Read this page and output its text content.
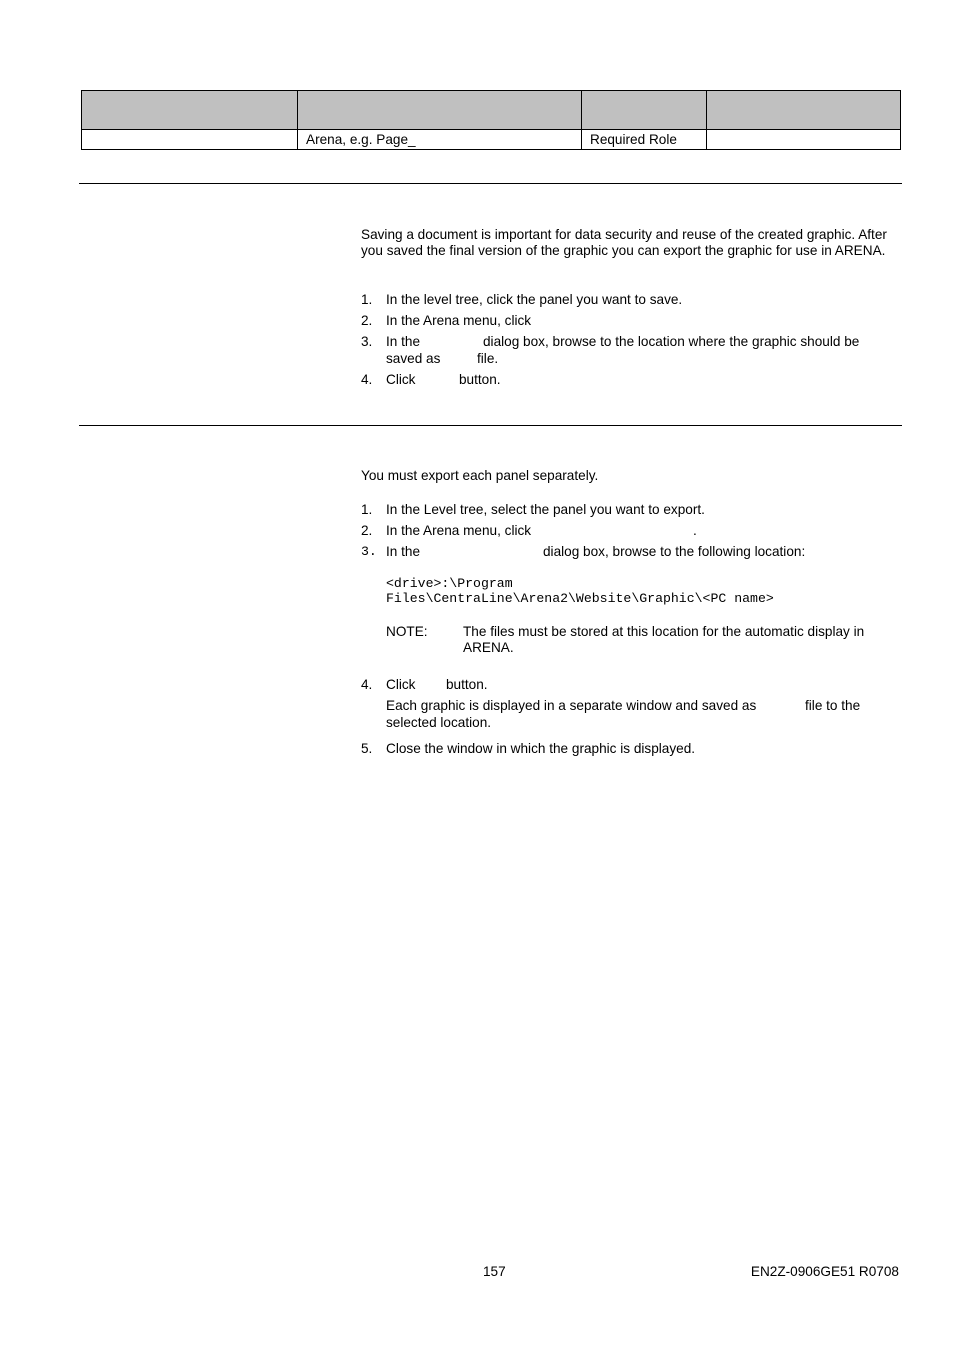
	Arena, e.g. Page_	Required Role	
Saving a document is important for data security and reuse of the created graphic. After you saved the final version of the graphic you can export the graphic for use in ARENA.
1. In the level tree, click the panel you want to save.
2. In the Arena menu, click
3. In the	dialog box, browse to the location where the graphic should be
saved as	file.
4. Click	button.
You must export each panel separately.
1. In the Level tree, select the panel you want to export.
2. In the Arena menu, click	.
3. In the	dialog box, browse to the following location:
<drive>:\Program
Files\CentraLine\Arena2\Website\Graphic\<PC name>
NOTE:	The files must be stored at this location for the automatic display in ARENA.
4. Click button.
Each graphic is displayed in a separate window and saved as	file to the
selected location.
5. Close the window in which the graphic is displayed.
157	EN2Z-0906GE51 R0708
